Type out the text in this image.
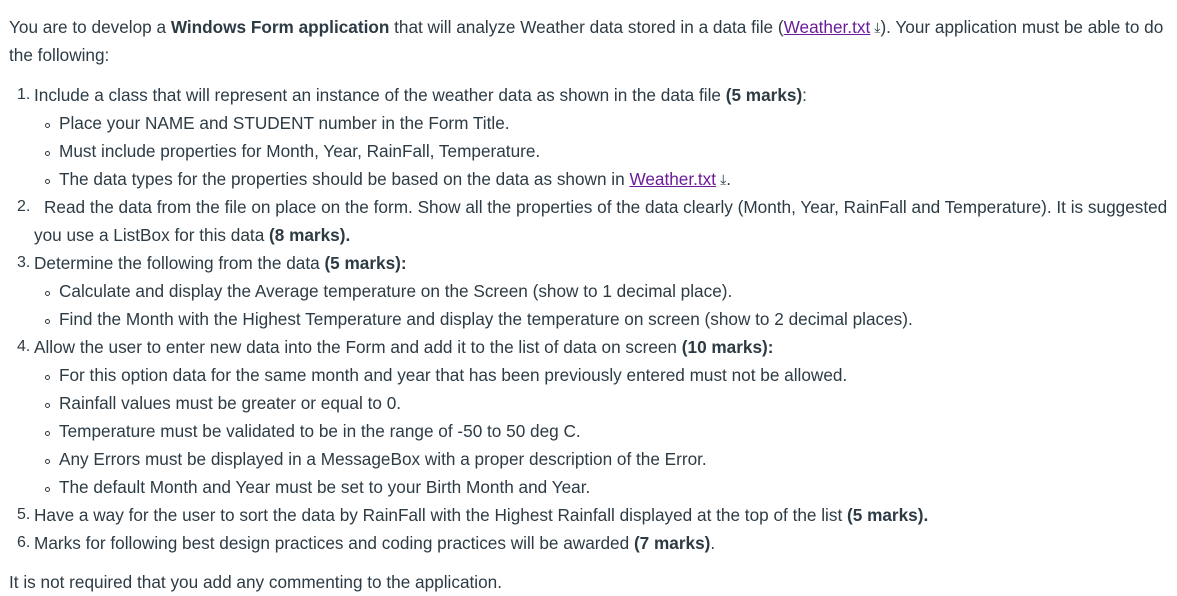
You are to develop a Windows Form application that will analyze Weather data stored in a data file (Weather.txt ⤓). Your application must be able to do the following:

1. Include a class that will represent an instance of the weather data as shown in the data file (5 marks):
Place your NAME and STUDENT number in the Form Title.
Must include properties for Month, Year, RainFall, Temperature.
The data types for the properties should be based on the data as shown in Weather.txt ⤓.
2. Read the data from the file on place on the form. Show all the properties of the data clearly (Month, Year, RainFall and Temperature). It is suggested you use a ListBox for this data (8 marks).
3. Determine the following from the data (5 marks):
Calculate and display the Average temperature on the Screen (show to 1 decimal place).
Find the Month with the Highest Temperature and display the temperature on screen (show to 2 decimal places).
4. Allow the user to enter new data into the Form and add it to the list of data on screen (10 marks):
For this option data for the same month and year that has been previously entered must not be allowed.
Rainfall values must be greater or equal to 0.
Temperature must be validated to be in the range of -50 to 50 deg C.
Any Errors must be displayed in a MessageBox with a proper description of the Error.
The default Month and Year must be set to your Birth Month and Year.
5. Have a way for the user to sort the data by RainFall with the Highest Rainfall displayed at the top of the list (5 marks).
6. Marks for following best design practices and coding practices will be awarded (7 marks).

It is not required that you add any commenting to the application.
